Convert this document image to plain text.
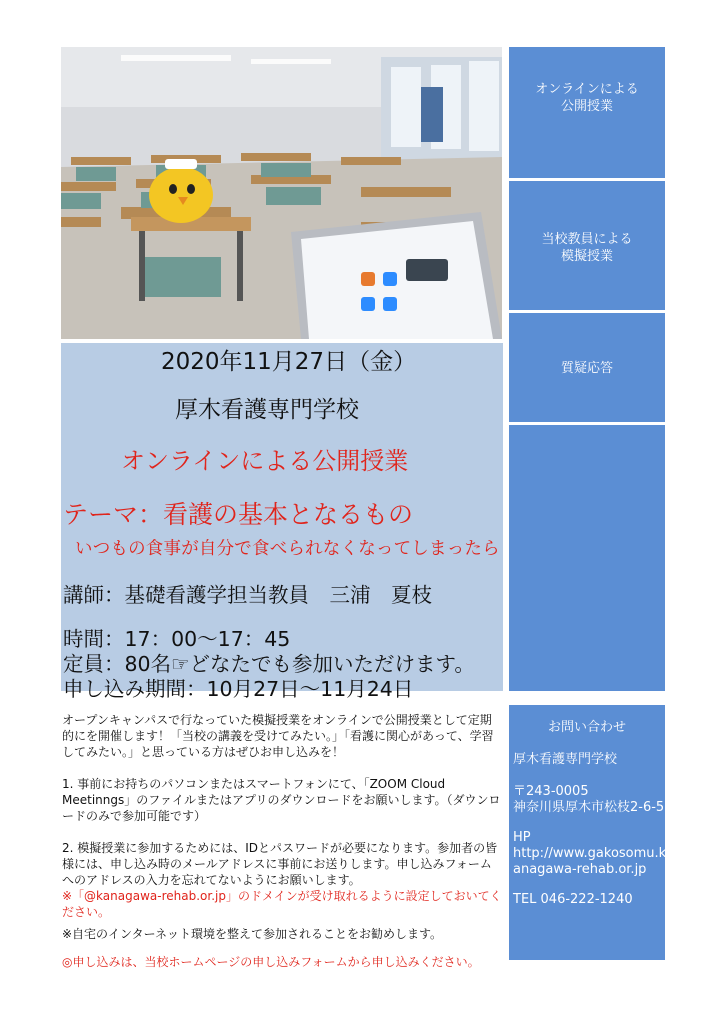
2020年11月27日（金）
厚木看護専門学校
オンラインによる公開授業
テーマ：看護の基本となるもの
いつもの食事が自分で食べられなくなってしまったら
講師：基礎看護学担当教員　三浦　夏枝
時間：17：00～17：45
定員：80名☞どなたでも参加いただけます。
申し込み期間：10月27日～11月24日
オンラインによる
公開授業
当校教員による
模擬授業
質疑応答
お問い合わせ
厚木看護専門学校
〒243-0005
神奈川県厚木市松枝2-6-5
HP
http://www.gakosomu.k
anagawa-rehab.or.jp
TEL 046-222-1240

オープンキャンパスで行なっていた模擬授業をオンラインで公開授業として定期的にを開催します！「当校の講義を受けてみたい。」「看護に関心があって、学習してみたい。」と思っている方はぜひお申し込みを！

1. 事前にお持ちのパソコンまたはスマートフォンにて、「ZOOM Cloud Meetinngs」のファイルまたはアプリのダウンロードをお願いします。（ダウンロードのみで参加可能です）

2. 模擬授業に参加するためには、IDとパスワードが必要になります。参加者の皆様には、申し込み時のメールアドレスに事前にお送りします。申し込みフォームへのアドレスの入力を忘れてないようにお願いします。

※「@kanagawa-rehab.or.jp」のドメインが受け取れるように設定しておいてください。

※自宅のインターネット環境を整えて参加されることをお勧めします。

◎申し込みは、当校ホームページの申し込みフォームから申し込みください。
